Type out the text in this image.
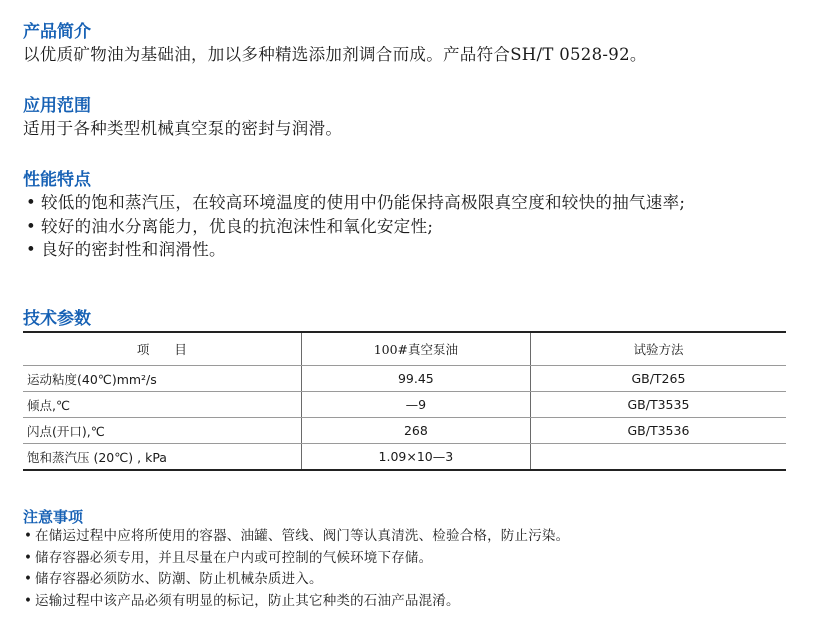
产品简介

以优质矿物油为基础油，加以多种精选添加剂调合而成。产品符合SH/T 0528-92。

应用范围

适用于各种类型机械真空泵的密封与润滑。

性能特点
• 较低的饱和蒸汽压，在较高环境温度的使用中仍能保持高极限真空度和较快的抽气速率;
• 较好的油水分离能力，优良的抗泡沫性和氧化安定性;
• 良好的密封性和润滑性。
技术参数
项　　目	100#真空泵油	试验方法
运动粘度(40℃)mm²/s	99.45	GB/T265
倾点,℃	—9	GB/T3535
闪点(开口),℃	268	GB/T3536
饱和蒸汽压 (20℃) , kPa	1.09×10—3	
注意事项
• 在储运过程中应将所使用的容器、油罐、管线、阀门等认真清洗、检验合格，防止污染。
• 储存容器必须专用，并且尽量在户内或可控制的气候环境下存储。
• 储存容器必须防水、防潮、防止机械杂质进入。
• 运输过程中该产品必须有明显的标记，防止其它种类的石油产品混淆。
